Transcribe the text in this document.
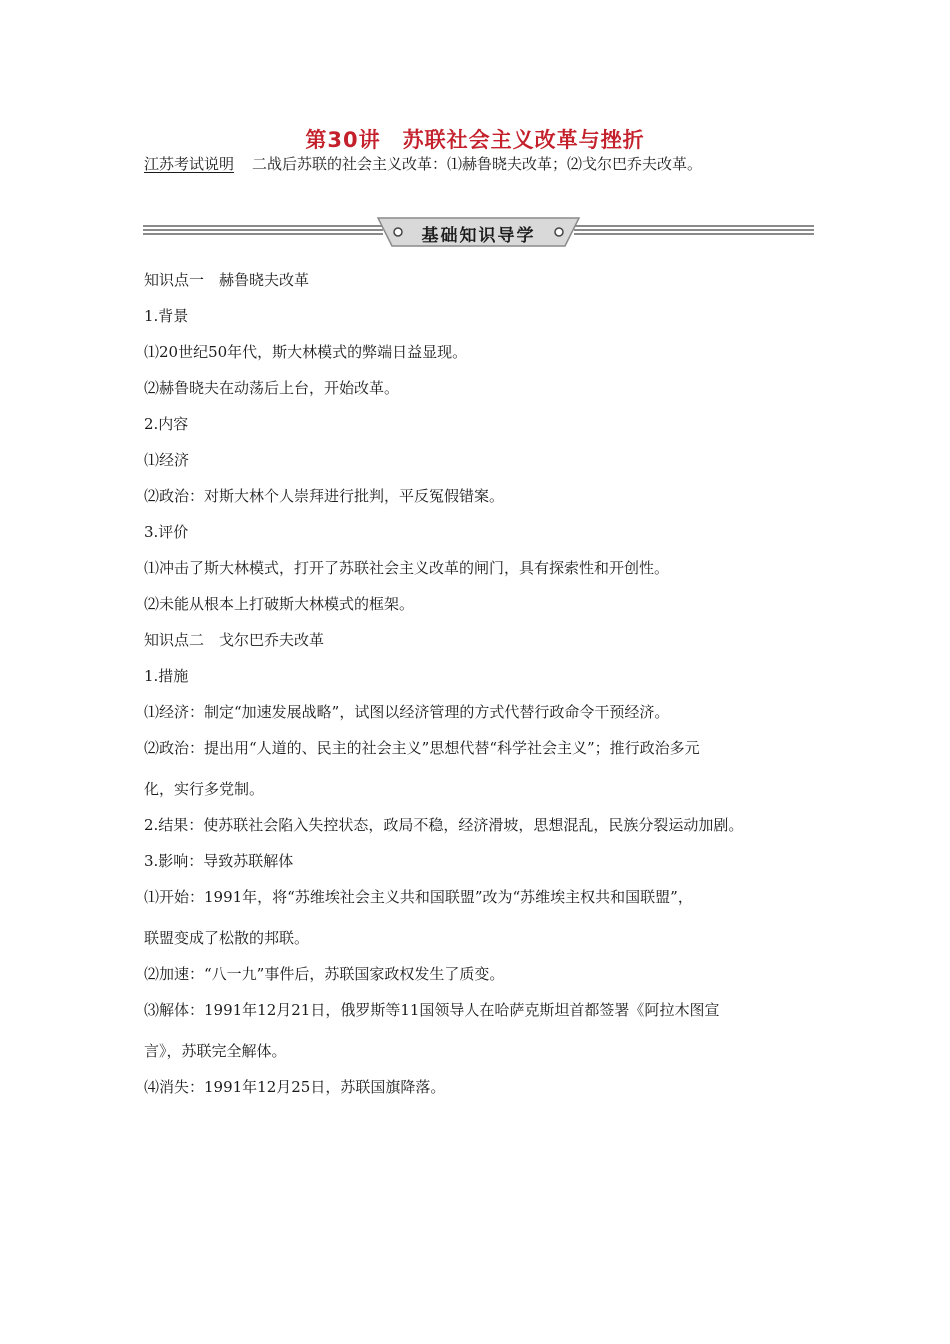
第30讲　苏联社会主义改革与挫折
江苏考试说明 二战后苏联的社会主义改革：⑴赫鲁晓夫改革；⑵戈尔巴乔夫改革。
基础知识导学
知识点一　赫鲁晓夫改革
1.背景
⑴20世纪50年代，斯大林模式的弊端日益显现。
⑵赫鲁晓夫在动荡后上台，开始改革。
2.内容
⑴经济
⑵政治：对斯大林个人崇拜进行批判，平反冤假错案。
3.评价
⑴冲击了斯大林模式，打开了苏联社会主义改革的闸门，具有探索性和开创性。
⑵未能从根本上打破斯大林模式的框架。
知识点二　戈尔巴乔夫改革
1.措施
⑴经济：制定“加速发展战略”，试图以经济管理的方式代替行政命令干预经济。
⑵政治：提出用“人道的、民主的社会主义”思想代替“科学社会主义”；推行政治多元
化，实行多党制。
2.结果：使苏联社会陷入失控状态，政局不稳，经济滑坡，思想混乱，民族分裂运动加剧。
3.影响：导致苏联解体
⑴开始：1991年，将“苏维埃社会主义共和国联盟”改为“苏维埃主权共和国联盟”，
联盟变成了松散的邦联。
⑵加速：“八一九”事件后，苏联国家政权发生了质变。
⑶解体：1991年12月21日，俄罗斯等11国领导人在哈萨克斯坦首都签署《阿拉木图宣
言》，苏联完全解体。
⑷消失：1991年12月25日，苏联国旗降落。
